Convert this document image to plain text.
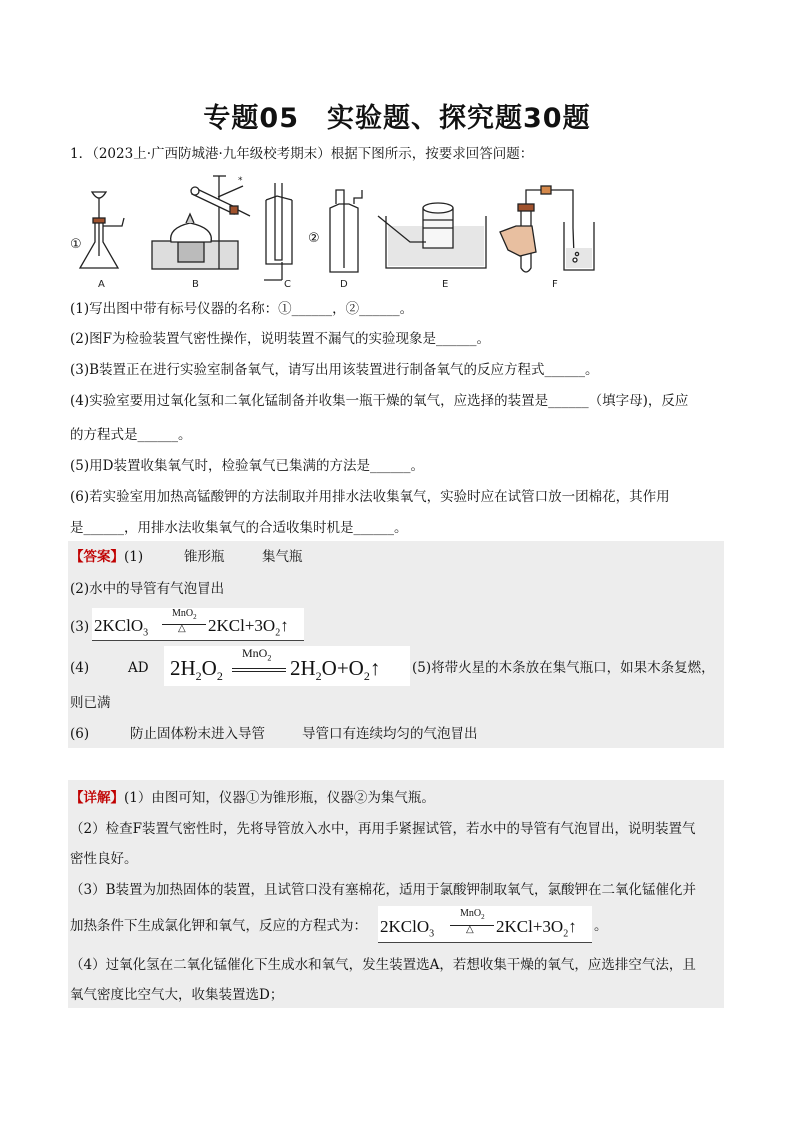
专题05　实验题、探究题30题
1．（2023上·广西防城港·九年级校考期末）根据下图所示，按要求回答问题：
*
①	②
A	B	C	D	E	F
(1)写出图中带有标号仪器的名称：①______，②______。
(2)图F为检验装置气密性操作，说明装置不漏气的实验现象是______。
(3)B装置正在进行实验室制备氧气，请写出用该装置进行制备氧气的反应方程式______。
(4)实验室要用过氧化氢和二氧化锰制备并收集一瓶干燥的氧气，应选择的装置是______（填字母)，反应
的方程式是______。
(5)用D装置收集氧气时，检验氧气已集满的方法是______。
(6)若实验室用加热高锰酸钾的方法制取并用排水法收集氧气，实验时应在试管口放一团棉花，其作用
是______，用排水法收集氧气的合适收集时机是______。
【答案】(1)	锥形瓶	集气瓶
(2)水中的导管有气泡冒出
(3) 2KClO$_3$
MnO$_2$
△ $2KCl+3O_2↑$
(4)	AD $2H_2O_2$
MnO$_2$ $2H_2O+O_2↑$ (5)将带火星的木条放在集气瓶口，如果木条复燃，
则已满
(6)	防止固体粉末进入导管	导管口有连续均匀的气泡冒出
【详解】(1）由图可知，仪器①为锥形瓶，仪器②为集气瓶。
（2）检查F装置气密性时，先将导管放入水中，再用手紧握试管，若水中的导管有气泡冒出，说明装置气
密性良好。
（3）B装置为加热固体的装置，且试管口没有塞棉花，适用于氯酸钾制取氧气，氯酸钾在二氧化锰催化并
加热条件下生成氯化钾和氧气，反应的方程式为： 2KClO$_3$
MnO$_2$
△ $2KCl+3O_2↑$ 。
（4）过氧化氢在二氧化锰催化下生成水和氧气，发生装置选A，若想收集干燥的氧气，应选排空气法，且
氧气密度比空气大，收集装置选D；
